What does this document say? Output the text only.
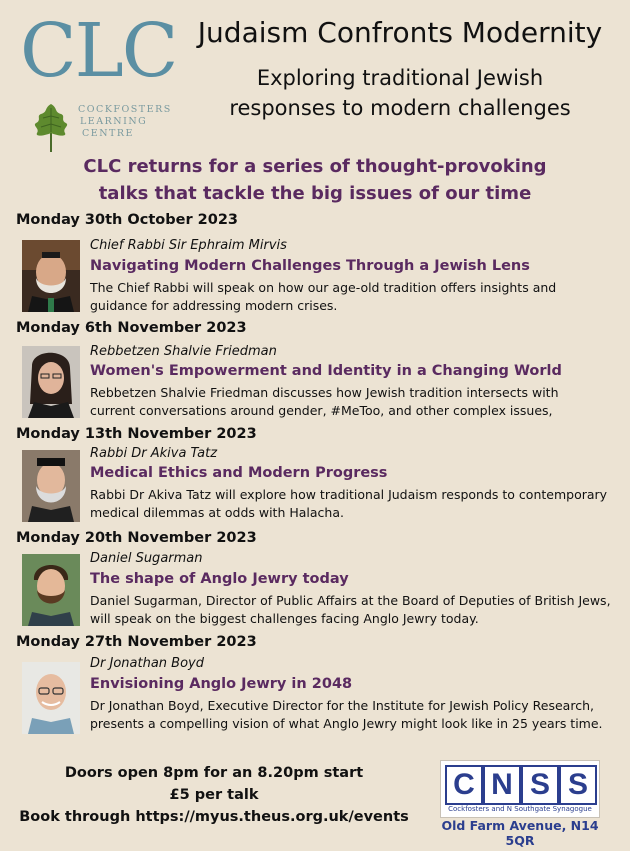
CLC
COCKFOSTERS
LEARNING
CENTRE
Judaism Confronts Modernity
Exploring traditional Jewish
responses to modern challenges
CLC returns for a series of thought-provoking
talks that tackle the big issues of our time
Monday 30th October 2023
Chief Rabbi Sir Ephraim Mirvis
Navigating Modern Challenges Through a Jewish Lens
The Chief Rabbi will speak on how our age-old tradition offers insights and
guidance for addressing modern crises.
Monday 6th November 2023
Rebbetzen Shalvie Friedman
Women's Empowerment and Identity in a Changing World
Rebbetzen Shalvie Friedman discusses how Jewish tradition intersects with
current conversations around gender, #MeToo, and other complex issues,
Monday 13th November 2023
Rabbi Dr Akiva Tatz
Medical Ethics and Modern Progress
Rabbi Dr Akiva Tatz will explore how traditional Judaism responds to contemporary
medical dilemmas at odds with Halacha.
Monday 20th November 2023
Daniel Sugarman
The shape of Anglo Jewry today
Daniel Sugarman, Director of Public Affairs at the Board of Deputies of British Jews,
will speak on the biggest challenges facing Anglo Jewry today.
Monday 27th November 2023
Dr Jonathan Boyd
Envisioning Anglo Jewry in 2048
Dr Jonathan Boyd, Executive Director for the Institute for Jewish Policy Research,
presents a compelling vision of what Anglo Jewry might look like in 25 years time.
Doors open 8pm for an 8.20pm start
£5 per talk
Book through https://myus.theus.org.uk/events
C N S S
Cockfosters and N Southgate Synagogue
Old Farm Avenue, N14 5QR
